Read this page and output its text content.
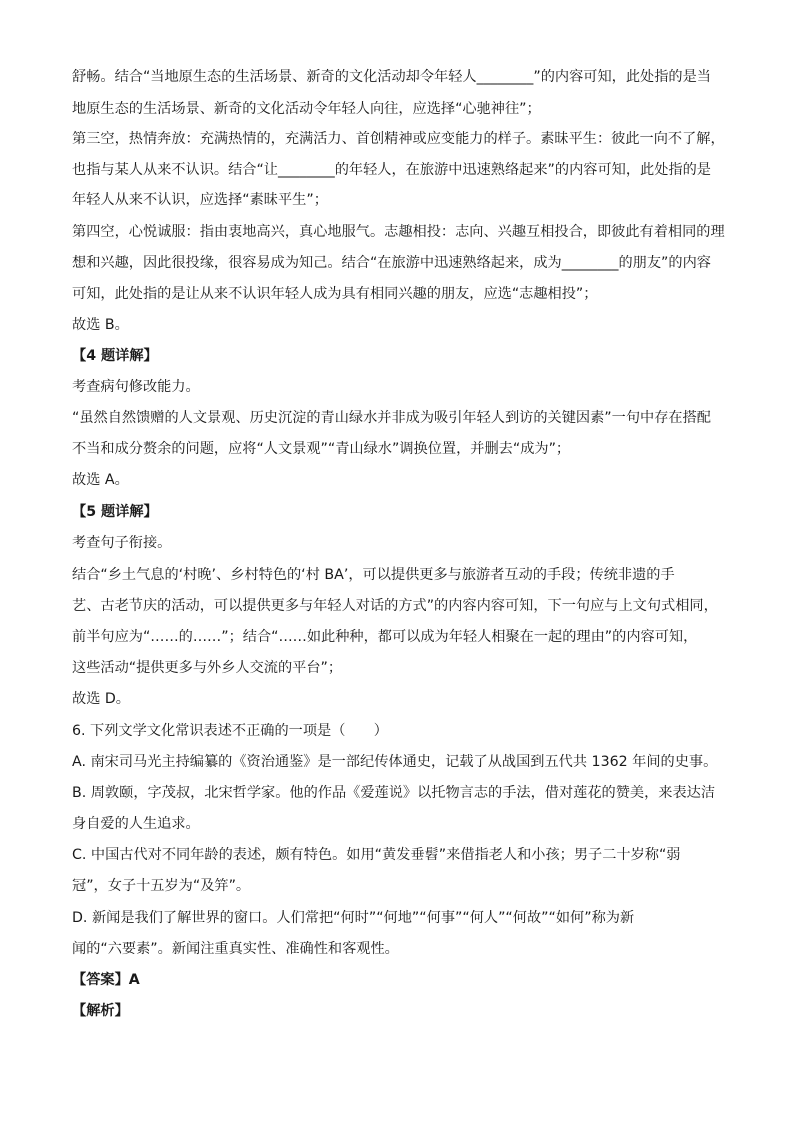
舒畅。结合“当地原生态的生活场景、新奇的文化活动却令年轻人________”的内容可知，此处指的是当
地原生态的生活场景、新奇的文化活动令年轻人向往，应选择“心驰神往”；
第三空，热情奔放：充满热情的，充满活力、首创精神或应变能力的样子。素昧平生：彼此一向不了解，
也指与某人从来不认识。结合“让________的年轻人，在旅游中迅速熟络起来”的内容可知，此处指的是
年轻人从来不认识，应选择“素昧平生”；
第四空，心悦诚服：指由衷地高兴，真心地服气。志趣相投：志向、兴趣互相投合，即彼此有着相同的理
想和兴趣，因此很投缘，很容易成为知己。结合“在旅游中迅速熟络起来，成为________的朋友”的内容
可知，此处指的是让从来不认识年轻人成为具有相同兴趣的朋友，应选“志趣相投”；
故选 B。
【4 题详解】
考查病句修改能力。
“虽然自然馈赠的人文景观、历史沉淀的青山绿水并非成为吸引年轻人到访的关键因素”一句中存在搭配
不当和成分赘余的问题，应将“人文景观”“青山绿水”调换位置，并删去“成为”；
故选 A。
【5 题详解】
考查句子衔接。
结合“乡土气息的‘村晚’、乡村特色的‘村 BA’，可以提供更多与旅游者互动的手段；传统非遗的手
艺、古老节庆的活动，可以提供更多与年轻人对话的方式”的内容内容可知，下一句应与上文句式相同，
前半句应为“……的……”；结合“……如此种种，都可以成为年轻人相聚在一起的理由”的内容可知，
这些活动“提供更多与外乡人交流的平台”；
故选 D。
6. 下列文学文化常识表述不正确的一项是（　　）
A. 南宋司马光主持编纂的《资治通鉴》是一部纪传体通史，记载了从战国到五代共 1362 年间的史事。
B. 周敦颐，字茂叔，北宋哲学家。他的作品《爱莲说》以托物言志的手法，借对莲花的赞美，来表达洁
身自爱的人生追求。
C. 中国古代对不同年龄的表述，颇有特色。如用“黄发垂髫”来借指老人和小孩；男子二十岁称“弱
冠”，女子十五岁为“及笄”。
D. 新闻是我们了解世界的窗口。人们常把“何时”“何地”“何事”“何人”“何故”“如何”称为新
闻的“六要素”。新闻注重真实性、准确性和客观性。
【答案】A
【解析】
